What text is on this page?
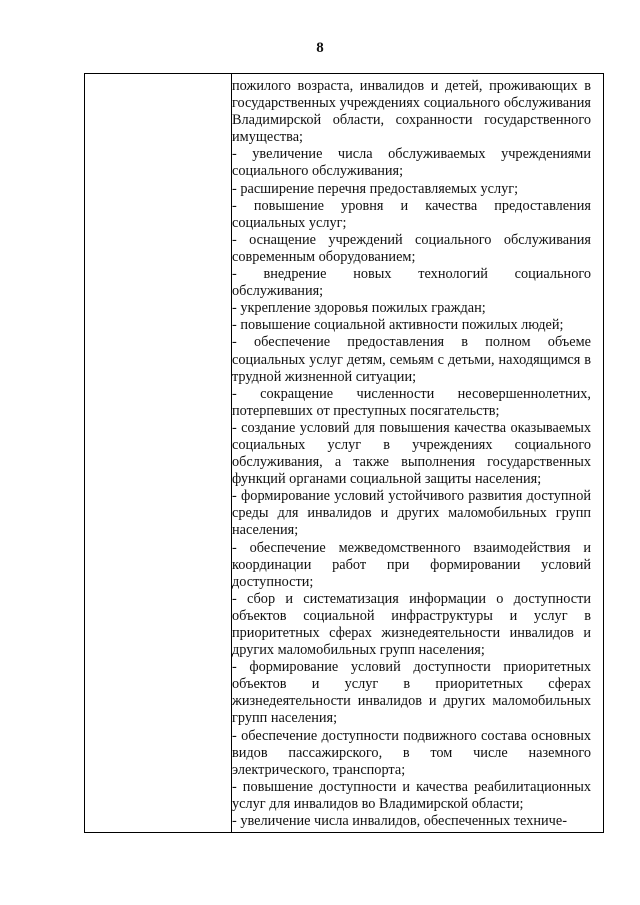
8

пожилого возраста, инвалидов и детей, проживающих в государственных учреждениях социального обслуживания Владимирской области, сохранности государственного имущества;

- увеличение числа обслуживаемых учреждениями социального обслуживания;

- расширение перечня предоставляемых услуг;

- повышение уровня и качества предоставления социальных услуг;

- оснащение учреждений социального обслуживания современным оборудованием;

- внедрение новых технологий социального обслуживания;

- укрепление здоровья пожилых граждан;

- повышение социальной активности пожилых людей;

- обеспечение предоставления в полном объеме социальных услуг детям, семьям с детьми, находящимся в трудной жизненной ситуации;

- сокращение численности несовершеннолетних, потерпевших от преступных посягательств;

- создание условий для повышения качества оказываемых социальных услуг в учреждениях социального обслуживания, а также выполнения государственных функций органами социальной защиты населения;

- формирование условий устойчивого развития доступной среды для инвалидов и других маломобильных групп населения;

- обеспечение межведомственного взаимодействия и координации работ при формировании условий доступности;

- сбор и систематизация информации о доступности объектов социальной инфраструктуры и услуг в приоритетных сферах жизнедеятельности инвалидов и других маломобильных групп населения;

- формирование условий доступности приоритетных объектов и услуг в приоритетных сферах жизнедеятельности инвалидов и других маломобильных групп населения;

- обеспечение доступности подвижного состава основных видов пассажирского, в том числе наземного электрического, транспорта;

- повышение доступности и качества реабилитационных услуг для инвалидов во Владимирской области;

- увеличение числа инвалидов, обеспеченных техниче-
